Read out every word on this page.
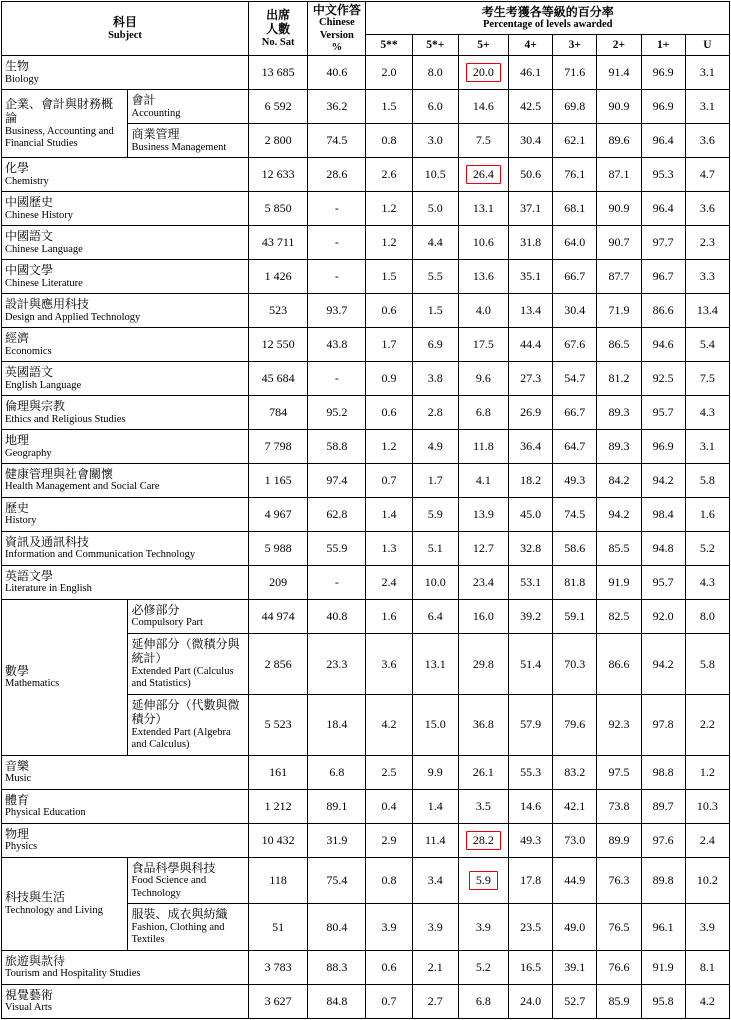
科目
Subject

出席
人數
No. Sat

中文作答
Chinese
Version
%

考生考獲各等級的百分率
Percentage of levels awarded

				5**	5*+	5+	4+	3+	2+	1+	U

生物
Biology		13 685	40.6	2.0	8.0	20.0	46.1	71.6	91.4	96.9	3.1

企業、會計與財務概論
Business, Accounting and Financial Studies	會計
Accounting	6 592	36.2	1.5	6.0	14.6	42.5	69.8	90.9	96.9	3.1

	商業管理
Business Management	2 800	74.5	0.8	3.0	7.5	30.4	62.1	89.6	96.4	3.6

化學
Chemistry		12 633	28.6	2.6	10.5	26.4	50.6	76.1	87.1	95.3	4.7

中國歷史
Chinese History		5 850	-	1.2	5.0	13.1	37.1	68.1	90.9	96.4	3.6

中國語文
Chinese Language		43 711	-	1.2	4.4	10.6	31.8	64.0	90.7	97.7	2.3

中國文學
Chinese Literature		1 426	-	1.5	5.5	13.6	35.1	66.7	87.7	96.7	3.3

設計與應用科技
Design and Applied Technology		523	93.7	0.6	1.5	4.0	13.4	30.4	71.9	86.6	13.4

經濟
Economics		12 550	43.8	1.7	6.9	17.5	44.4	67.6	86.5	94.6	5.4

英國語文
English Language		45 684	-	0.9	3.8	9.6	27.3	54.7	81.2	92.5	7.5

倫理與宗教
Ethics and Religious Studies		784	95.2	0.6	2.8	6.8	26.9	66.7	89.3	95.7	4.3

地理
Geography		7 798	58.8	1.2	4.9	11.8	36.4	64.7	89.3	96.9	3.1

健康管理與社會關懷
Health Management and Social Care		1 165	97.4	0.7	1.7	4.1	18.2	49.3	84.2	94.2	5.8

歷史
History		4 967	62.8	1.4	5.9	13.9	45.0	74.5	94.2	98.4	1.6

資訊及通訊科技
Information and Communication Technology		5 988	55.9	1.3	5.1	12.7	32.8	58.6	85.5	94.8	5.2

英語文學
Literature in English		209	-	2.4	10.0	23.4	53.1	81.8	91.9	95.7	4.3

數學
Mathematics	必修部分
Compulsory Part	44 974	40.8	1.6	6.4	16.0	39.2	59.1	82.5	92.0	8.0

	延伸部分（微積分與統計）
Extended Part (Calculus and Statistics)	2 856	23.3	3.6	13.1	29.8	51.4	70.3	86.6	94.2	5.8

	延伸部分（代數與微積分）
Extended Part (Algebra and Calculus)	5 523	18.4	4.2	15.0	36.8	57.9	79.6	92.3	97.8	2.2

音樂
Music		161	6.8	2.5	9.9	26.1	55.3	83.2	97.5	98.8	1.2

體育
Physical Education		1 212	89.1	0.4	1.4	3.5	14.6	42.1	73.8	89.7	10.3

物理
Physics		10 432	31.9	2.9	11.4	28.2	49.3	73.0	89.9	97.6	2.4

科技與生活
Technology and Living	食品科學與科技
Food Science and Technology	118	75.4	0.8	3.4	5.9	17.8	44.9	76.3	89.8	10.2

	服裝、成衣與紡織
Fashion, Clothing and Textiles	51	80.4	3.9	3.9	3.9	23.5	49.0	76.5	96.1	3.9

旅遊與款待
Tourism and Hospitality Studies		3 783	88.3	0.6	2.1	5.2	16.5	39.1	76.6	91.9	8.1

視覺藝術
Visual Arts		3 627	84.8	0.7	2.7	6.8	24.0	52.7	85.9	95.8	4.2
